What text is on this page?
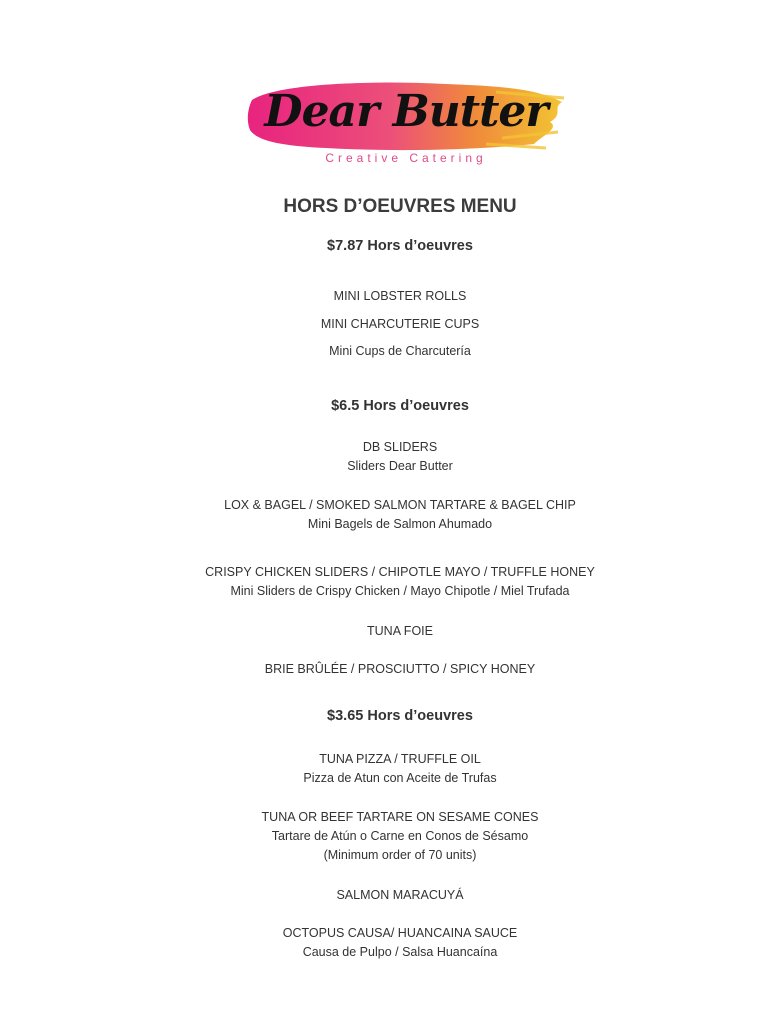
Dear Butter
Creative Catering
HORS D’OEUVRES MENU
$7.87 Hors d’oeuvres
MINI LOBSTER ROLLS
MINI CHARCUTERIE CUPS
Mini Cups de Charcutería
$6.5 Hors d’oeuvres
DB SLIDERS
Sliders Dear Butter
LOX & BAGEL / SMOKED SALMON TARTARE & BAGEL CHIP
Mini Bagels de Salmon Ahumado
CRISPY CHICKEN SLIDERS / CHIPOTLE MAYO / TRUFFLE HONEY
Mini Sliders de Crispy Chicken / Mayo Chipotle / Miel Trufada
TUNA FOIE
BRIE BRÛLÉE / PROSCIUTTO / SPICY HONEY
$3.65 Hors d’oeuvres
TUNA PIZZA / TRUFFLE OIL
Pizza de Atun con Aceite de Trufas
TUNA OR BEEF TARTARE ON SESAME CONES
Tartare de Atún o Carne en Conos de Sésamo
(Minimum order of 70 units)
SALMON MARACUYÁ
OCTOPUS CAUSA/ HUANCAINA SAUCE
Causa de Pulpo / Salsa Huancaína
